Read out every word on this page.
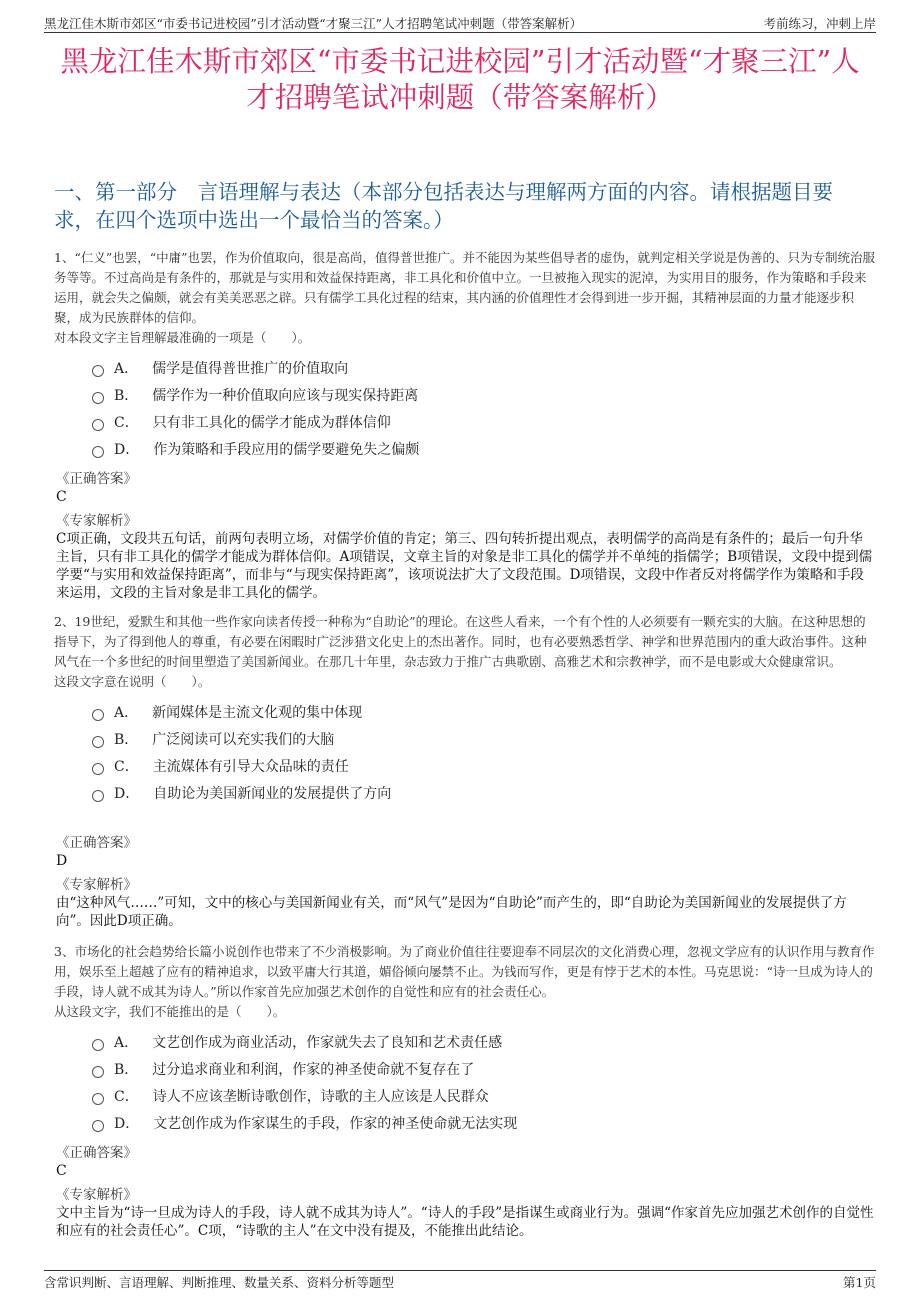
黑龙江佳木斯市郊区“市委书记进校园”引才活动暨“才聚三江”人才招聘笔试冲刺题（带答案解析）	考前练习，冲刺上岸
黑龙江佳木斯市郊区“市委书记进校园”引才活动暨“才聚三江”人才招聘笔试冲刺题（带答案解析）
一、第一部分　言语理解与表达（本部分包括表达与理解两方面的内容。请根据题目要求，在四个选项中选出一个最恰当的答案。）

1、“仁义”也罢，“中庸”也罢，作为价值取向，很是高尚，值得普世推广。并不能因为某些倡导者的虚伪，就判定相关学说是伪善的、只为专制统治服务等等。不过高尚是有条件的，那就是与实用和效益保持距离，非工具化和价值中立。一旦被拖入现实的泥淖，为实用目的服务，作为策略和手段来运用，就会失之偏颇，就会有美美恶恶之辟。只有儒学工具化过程的结束，其内涵的价值理性才会得到进一步开掘，其精神层面的力量才能逐步积聚，成为民族群体的信仰。

对本段文字主旨理解最准确的一项是（　　）。

A． 儒学是值得普世推广的价值取向
B． 儒学作为一种价值取向应该与现实保持距离
C． 只有非工具化的儒学才能成为群体信仰
D． 作为策略和手段应用的儒学要避免失之偏颇

《正确答案》

C

《专家解析》

C项正确，文段共五句话，前两句表明立场，对儒学价值的肯定；第三、四句转折提出观点，表明儒学的高尚是有条件的；最后一句升华主旨，只有非工具化的儒学才能成为群体信仰。A项错误，文章主旨的对象是非工具化的儒学并不单纯的指儒学；B项错误，文段中提到儒学要“与实用和效益保持距离”，而非与“与现实保持距离”，该项说法扩大了文段范围。D项错误，文段中作者反对将儒学作为策略和手段来运用，文段的主旨对象是非工具化的儒学。

2、19世纪，爱默生和其他一些作家向读者传授一种称为“自助论”的理论。在这些人看来，一个有个性的人必须要有一颗充实的大脑。在这种思想的指导下，为了得到他人的尊重，有必要在闲暇时广泛涉猎文化史上的杰出著作。同时，也有必要熟悉哲学、神学和世界范围内的重大政治事件。这种风气在一个多世纪的时间里塑造了美国新闻业。在那几十年里，杂志致力于推广古典歌剧、高雅艺术和宗教神学，而不是电影或大众健康常识。

这段文字意在说明（　　）。

A． 新闻媒体是主流文化观的集中体现
B． 广泛阅读可以充实我们的大脑
C． 主流媒体有引导大众品味的责任
D． 自助论为美国新闻业的发展提供了方向

《正确答案》

D

《专家解析》

由“这种风气……”可知，文中的核心与美国新闻业有关，而“风气”是因为“自助论”而产生的，即“自助论为美国新闻业的发展提供了方向”。因此D项正确。

3、市场化的社会趋势给长篇小说创作也带来了不少消极影响。为了商业价值往往要迎奉不同层次的文化消费心理，忽视文学应有的认识作用与教育作用，娱乐至上超越了应有的精神追求，以致平庸大行其道，媚俗倾向屡禁不止。为钱而写作，更是有悖于艺术的本性。马克思说：“诗一旦成为诗人的手段，诗人就不成其为诗人。”所以作家首先应加强艺术创作的自觉性和应有的社会责任心。

从这段文字，我们不能推出的是（　　）。

A． 文艺创作成为商业活动，作家就失去了良知和艺术责任感
B． 过分追求商业和利润，作家的神圣使命就不复存在了
C． 诗人不应该垄断诗歌创作，诗歌的主人应该是人民群众
D． 文艺创作成为作家谋生的手段，作家的神圣使命就无法实现

《正确答案》

C

《专家解析》

文中主旨为“诗一旦成为诗人的手段，诗人就不成其为诗人”。“诗人的手段”是指谋生或商业行为。强调“作家首先应加强艺术创作的自觉性和应有的社会责任心”。C项，“诗歌的主人”在文中没有提及，不能推出此结论。

含常识判断、言语理解、判断推理、数量关系、资料分析等题型	第1页
